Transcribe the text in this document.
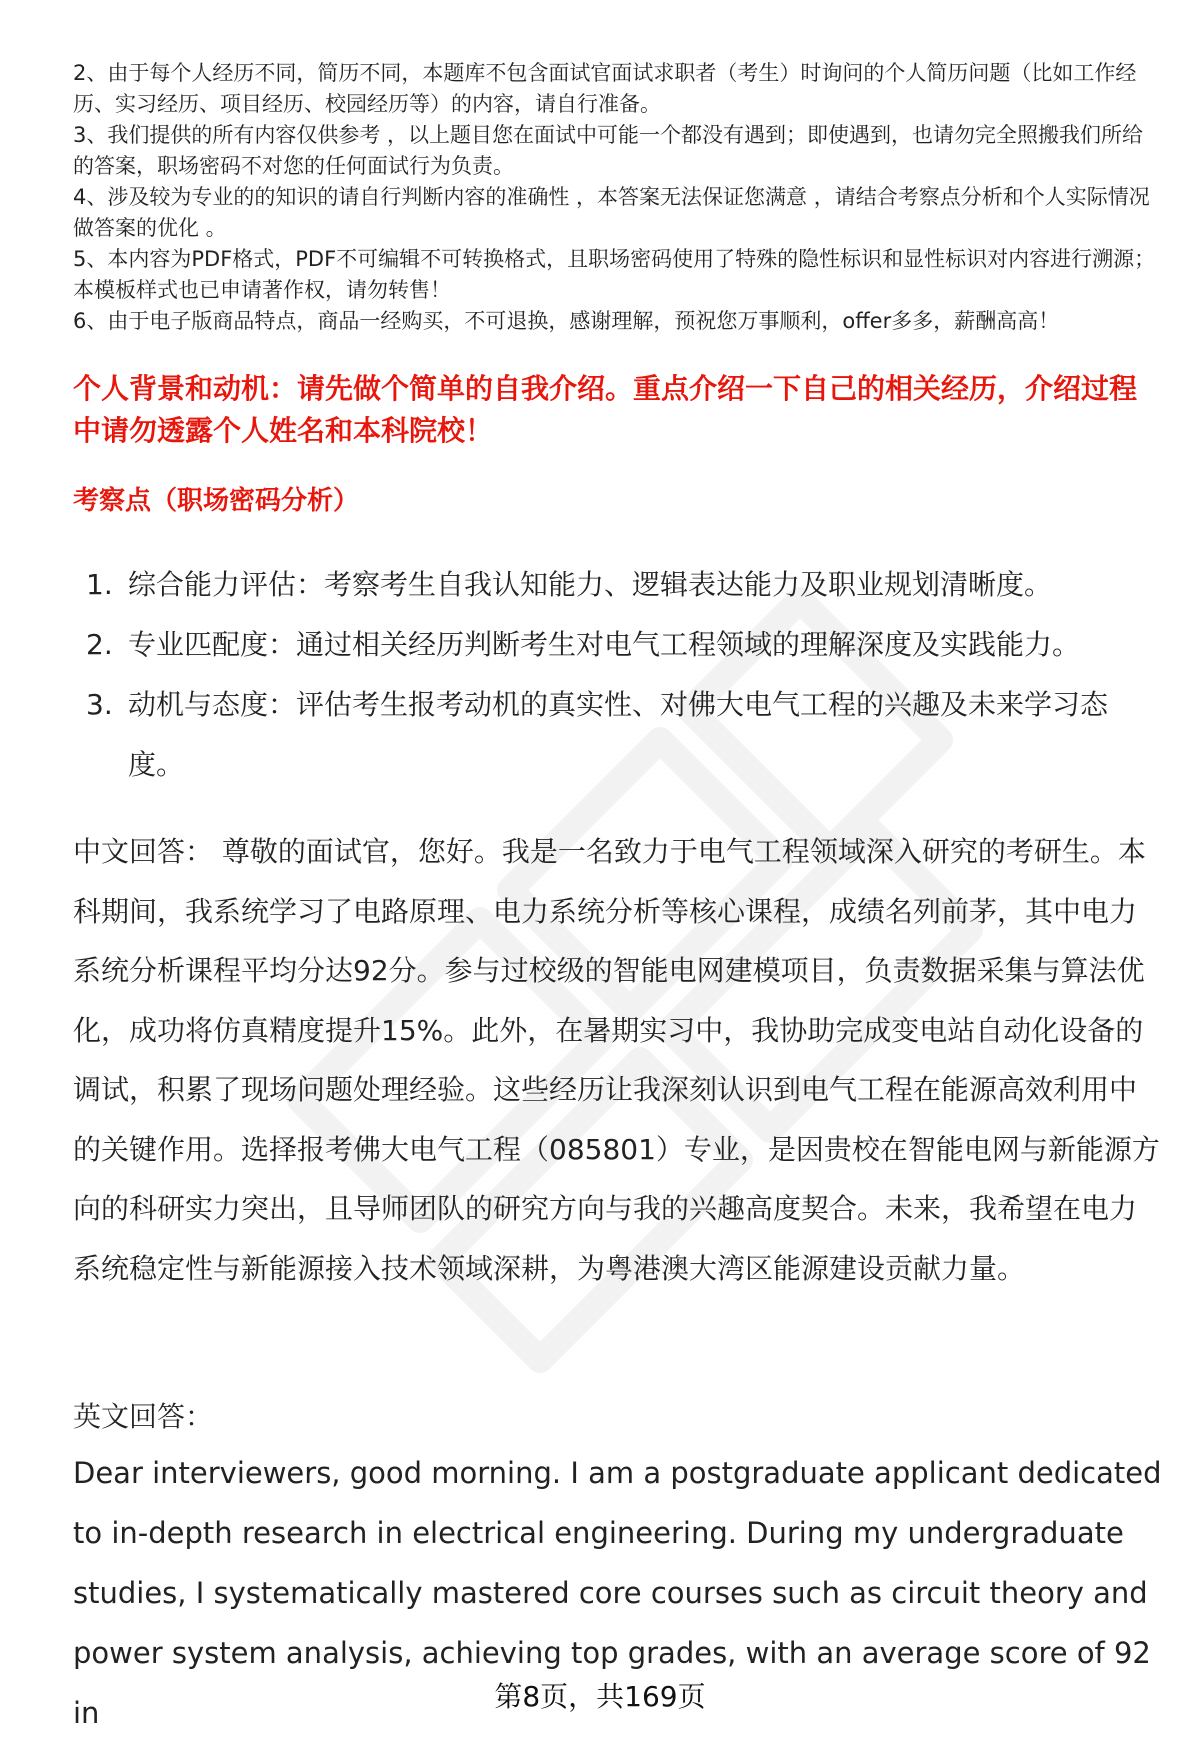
2、由于每个人经历不同，简历不同，本题库不包含面试官面试求职者（考生）时询问的个人简历问题（比如工作经历、实习经历、项目经历、校园经历等）的内容，请自行准备。

3、我们提供的所有内容仅供参考 ，以上题目您在面试中可能一个都没有遇到；即使遇到，也请勿完全照搬我们所给的答案，职场密码不对您的任何面试行为负责。

4、涉及较为专业的的知识的请自行判断内容的准确性 ，本答案无法保证您满意 ，请结合考察点分析和个人实际情况做答案的优化 。

5、本内容为PDF格式，PDF不可编辑不可转换格式，且职场密码使用了特殊的隐性标识和显性标识对内容进行溯源；本模板样式也已申请著作权，请勿转售！

6、由于电子版商品特点，商品一经购买，不可退换，感谢理解，预祝您万事顺利，offer多多，薪酬高高！

个人背景和动机：请先做个简单的自我介绍。重点介绍一下自己的相关经历，介绍过程中请勿透露个人姓名和本科院校！
考察点（职场密码分析）
1. 综合能力评估：考察考生自我认知能力、逻辑表达能力及职业规划清晰度。
2. 专业匹配度：通过相关经历判断考生对电气工程领域的理解深度及实践能力。
3. 动机与态度：评估考生报考动机的真实性、对佛大电气工程的兴趣及未来学习态度。

中文回答： 尊敬的面试官，您好。我是一名致力于电气工程领域深入研究的考研生。本科期间，我系统学习了电路原理、电力系统分析等核心课程，成绩名列前茅，其中电力系统分析课程平均分达92分。参与过校级的智能电网建模项目，负责数据采集与算法优化，成功将仿真精度提升15%。此外，在暑期实习中，我协助完成变电站自动化设备的调试，积累了现场问题处理经验。这些经历让我深刻认识到电气工程在能源高效利用中的关键作用。选择报考佛大电气工程（085801）专业，是因贵校在智能电网与新能源方向的科研实力突出，且导师团队的研究方向与我的兴趣高度契合。未来，我希望在电力系统稳定性与新能源接入技术领域深耕，为粤港澳大湾区能源建设贡献力量。

英文回答：

Dear interviewers, good morning. I am a postgraduate applicant dedicated to in-depth research in electrical engineering. During my undergraduate studies, I systematically mastered core courses such as circuit theory and power system analysis, achieving top grades, with an average score of 92 in	第8页，共169页
